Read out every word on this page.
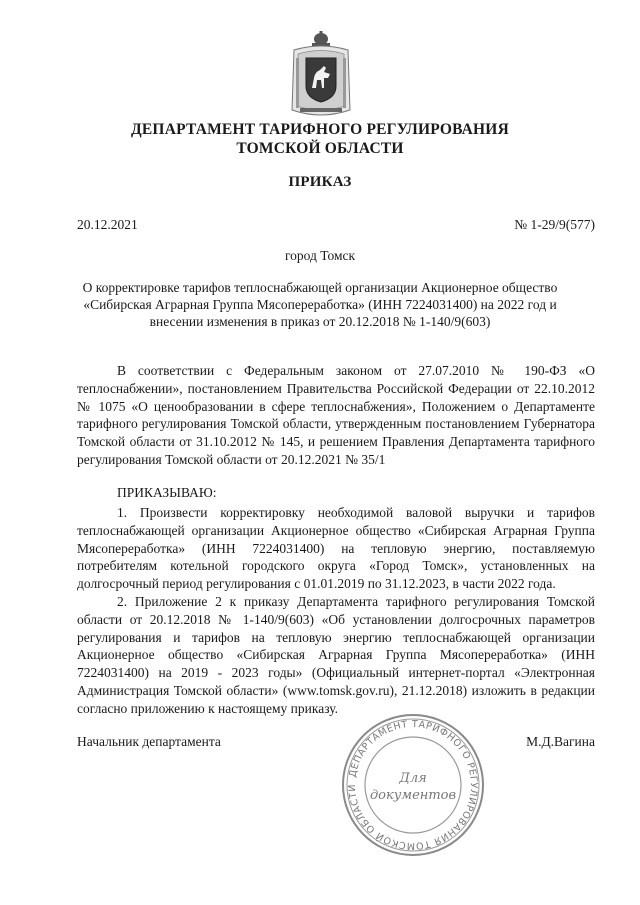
ДЕПАРТАМЕНТ ТАРИФНОГО РЕГУЛИРОВАНИЯ
ТОМСКОЙ ОБЛАСТИ
ПРИКАЗ
20.12.2021	№ 1-29/9(577)
город Томск
О корректировке тарифов теплоснабжающей организации Акционерное общество «Сибирская Аграрная Группа Мясопереработка» (ИНН 7224031400) на 2022 год и внесении изменения в приказ от 20.12.2018 № 1-140/9(603)

В соответствии с Федеральным законом от 27.07.2010 № 190-ФЗ «О теплоснабжении», постановлением Правительства Российской Федерации от 22.10.2012 № 1075 «О ценообразовании в сфере теплоснабжения», Положением о Департаменте тарифного регулирования Томской области, утвержденным постановлением Губернатора Томской области от 31.10.2012 № 145, и решением Правления Департамента тарифного регулирования Томской области от 20.12.2021 № 35/1

ПРИКАЗЫВАЮ:

1. Произвести корректировку необходимой валовой выручки и тарифов теплоснабжающей организации Акционерное общество «Сибирская Аграрная Группа Мясопереработка» (ИНН 7224031400) на тепловую энергию, поставляемую потребителям котельной городского округа «Город Томск», установленных на долгосрочный период регулирования с 01.01.2019 по 31.12.2023, в части 2022 года.

2. Приложение 2 к приказу Департамента тарифного регулирования Томской области от 20.12.2018 № 1-140/9(603) «Об установлении долгосрочных параметров регулирования и тарифов на тепловую энергию теплоснабжающей организации Акционерное общество «Сибирская Аграрная Группа Мясопереработка» (ИНН 7224031400) на 2019 - 2023 годы» (Официальный интернет-портал «Электронная Администрация Томской области» (www.tomsk.gov.ru), 21.12.2018) изложить в редакции согласно приложению к настоящему приказу.

Начальник департамента	М.Д.Вагина
ДЕПАРТАМЕНТ ТАРИФНОГО РЕГУЛИРОВАНИЯ ТОМСКОЙ ОБЛАСТИ
Для
документов
